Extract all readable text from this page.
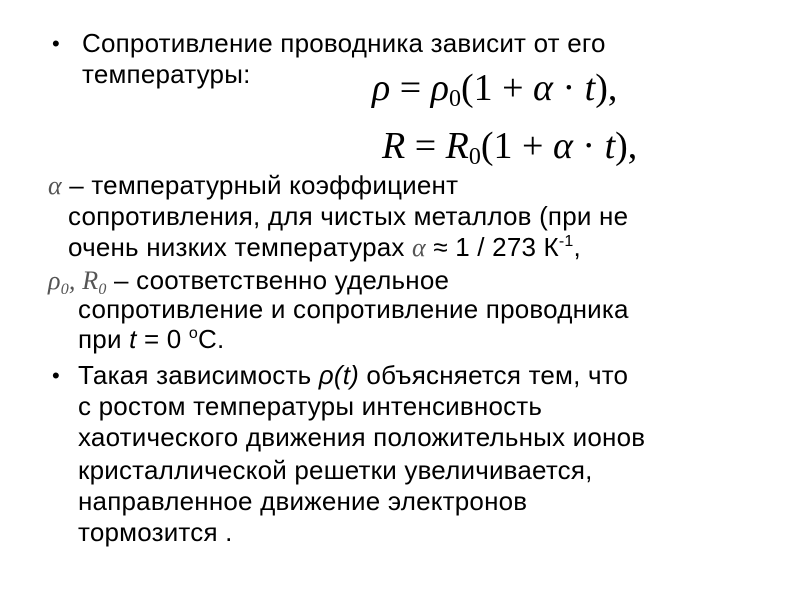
• Сопротивление проводника зависит от его
температуры:	$\rho = \rho_0(1 + \alpha \cdot t)$,
$R = R_0(1 + \alpha \cdot t)$,
α – температурный коэффициент
сопротивления, для чистых металлов (при не
очень низких температурах α ≈ 1 / 273 $К^{-1}$,
ρ0, R0 – соответственно удельное
сопротивление и сопротивление проводника
при t = 0 $^о$С.
• Такая зависимость ρ(t) объясняется тем, что
с ростом температуры интенсивность
хаотического движения положительных ионов
кристаллической решетки увеличивается,
направленное движение электронов
тормозится .
